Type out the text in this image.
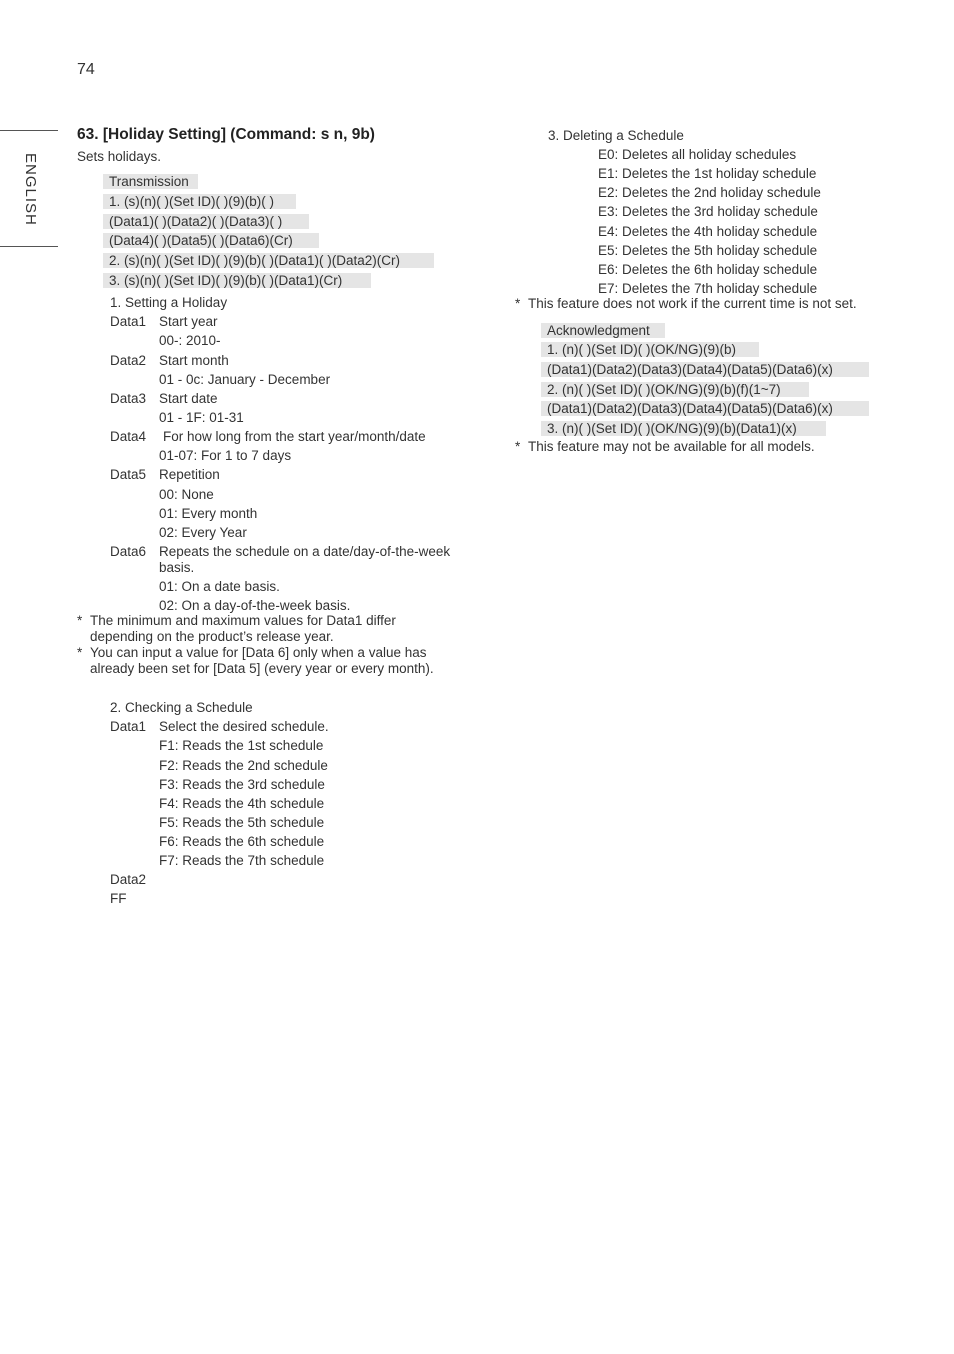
74
ENGLISH
63. [Holiday Setting] (Command: s n, 9b)
Sets holidays.
Transmission
1. (s)(n)( )(Set ID)( )(9)(b)( )
(Data1)( )(Data2)( )(Data3)( )
(Data4)( )(Data5)( )(Data6)(Cr)
2. (s)(n)( )(Set ID)( )(9)(b)( )(Data1)( )(Data2)(Cr)
3. (s)(n)( )(Set ID)( )(9)(b)( )(Data1)(Cr)
1. Setting a Holiday
Data1 Start year
00-: 2010-
Data2 Start month
01 - 0c: January - December
Data3 Start date
01 - 1F: 01-31
Data4 For how long from the start year/month/date
01-07: For 1 to 7 days
Data5 Repetition
00: None
01: Every month
02: Every Year
Data6 Repeats the schedule on a date/day-of-the-week
basis.
01: On a date basis.
02: On a day-of-the-week basis.
* The minimum and maximum values for Data1 differ
depending on the product’s release year.
* You can input a value for [Data 6] only when a value has
already been set for [Data 5] (every year or every month).
2. Checking a Schedule
Data1 Select the desired schedule.
F1: Reads the 1st schedule
F2: Reads the 2nd schedule
F3: Reads the 3rd schedule
F4: Reads the 4th schedule
F5: Reads the 5th schedule
F6: Reads the 6th schedule
F7: Reads the 7th schedule
Data2
FF
3. Deleting a Schedule
E0: Deletes all holiday schedules
E1: Deletes the 1st holiday schedule
E2: Deletes the 2nd holiday schedule
E3: Deletes the 3rd holiday schedule
E4: Deletes the 4th holiday schedule
E5: Deletes the 5th holiday schedule
E6: Deletes the 6th holiday schedule
E7: Deletes the 7th holiday schedule
* This feature does not work if the current time is not set.
Acknowledgment
1. (n)( )(Set ID)( )(OK/NG)(9)(b)
(Data1)(Data2)(Data3)(Data4)(Data5)(Data6)(x)
2. (n)( )(Set ID)( )(OK/NG)(9)(b)(f)(1~7)
(Data1)(Data2)(Data3)(Data4)(Data5)(Data6)(x)
3. (n)( )(Set ID)( )(OK/NG)(9)(b)(Data1)(x)
* This feature may not be available for all models.
